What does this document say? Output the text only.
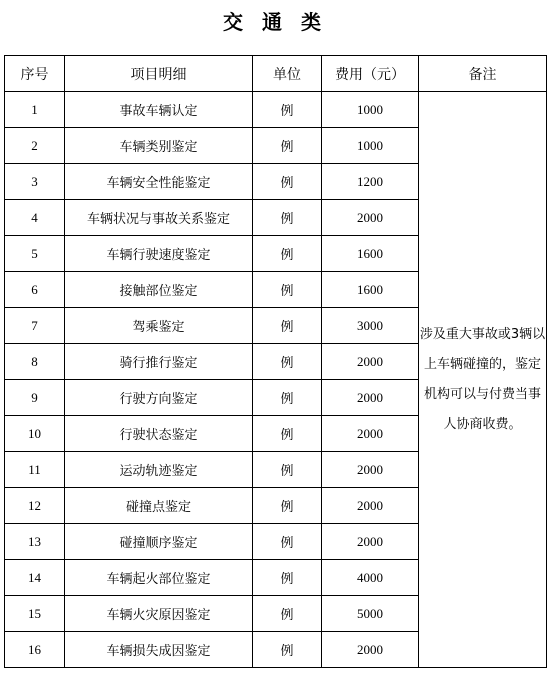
交 通 类
序号	项目明细	单位	费用（元）	备注
1	事故车辆认定	例	1000	涉及重大事故或3辆以上车辆碰撞的，鉴定机构可以与付费当事人协商收费。
2	车辆类别鉴定	例	1000	
3	车辆安全性能鉴定	例	1200	
4	车辆状况与事故关系鉴定	例	2000	
5	车辆行驶速度鉴定	例	1600	
6	接触部位鉴定	例	1600	
7	驾乘鉴定	例	3000	
8	骑行推行鉴定	例	2000	
9	行驶方向鉴定	例	2000	
10	行驶状态鉴定	例	2000	
11	运动轨迹鉴定	例	2000	
12	碰撞点鉴定	例	2000	
13	碰撞顺序鉴定	例	2000	
14	车辆起火部位鉴定	例	4000	
15	车辆火灾原因鉴定	例	5000	
16	车辆损失成因鉴定	例	2000	
